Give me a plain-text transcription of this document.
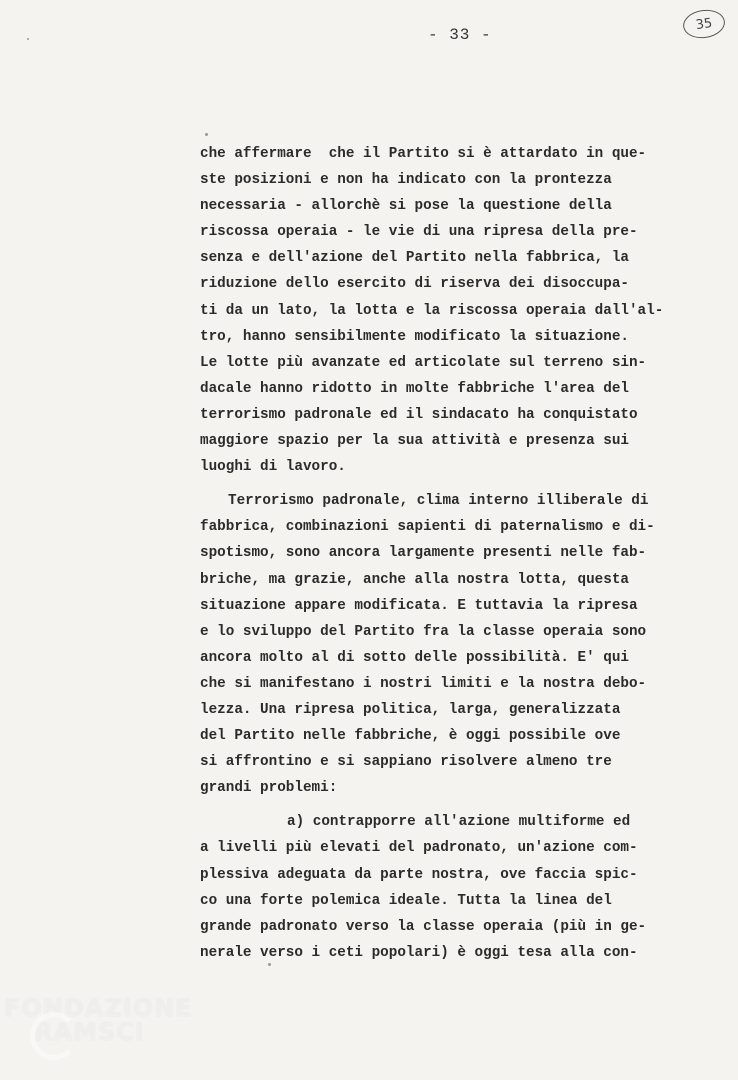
- 33 -
35
che affermare  che il Partito si è attardato in que-
ste posizioni e non ha indicato con la prontezza
necessaria - allorchè si pose la questione della
riscossa operaia - le vie di una ripresa della pre-
senza e dell'azione del Partito nella fabbrica, la
riduzione dello esercito di riserva dei disoccupa-
ti da un lato, la lotta e la riscossa operaia dall'al-
tro, hanno sensibilmente modificato la situazione.
Le lotte più avanzate ed articolate sul terreno sin-
dacale hanno ridotto in molte fabbriche l'area del
terrorismo padronale ed il sindacato ha conquistato
maggiore spazio per la sua attività e presenza sui
luoghi di lavoro.
Terrorismo padronale, clima interno illiberale di
fabbrica, combinazioni sapienti di paternalismo e di-
spotismo, sono ancora largamente presenti nelle fab-
briche, ma grazie, anche alla nostra lotta, questa
situazione appare modificata. E tuttavia la ripresa
e lo sviluppo del Partito fra la classe operaia sono
ancora molto al di sotto delle possibilità. E' qui
che si manifestano i nostri limiti e la nostra debo-
lezza. Una ripresa politica, larga, generalizzata
del Partito nelle fabbriche, è oggi possibile ove
si affrontino e si sappiano risolvere almeno tre
grandi problemi:
a) contrapporre all'azione multiforme ed
a livelli più elevati del padronato, un'azione com-
plessiva adeguata da parte nostra, ove faccia spic-
co una forte polemica ideale. Tutta la linea del
grande padronato verso la classe operaia (più in ge-
nerale verso i ceti popolari) è oggi tesa alla con-
FONDAZIONE
RAMSCI
